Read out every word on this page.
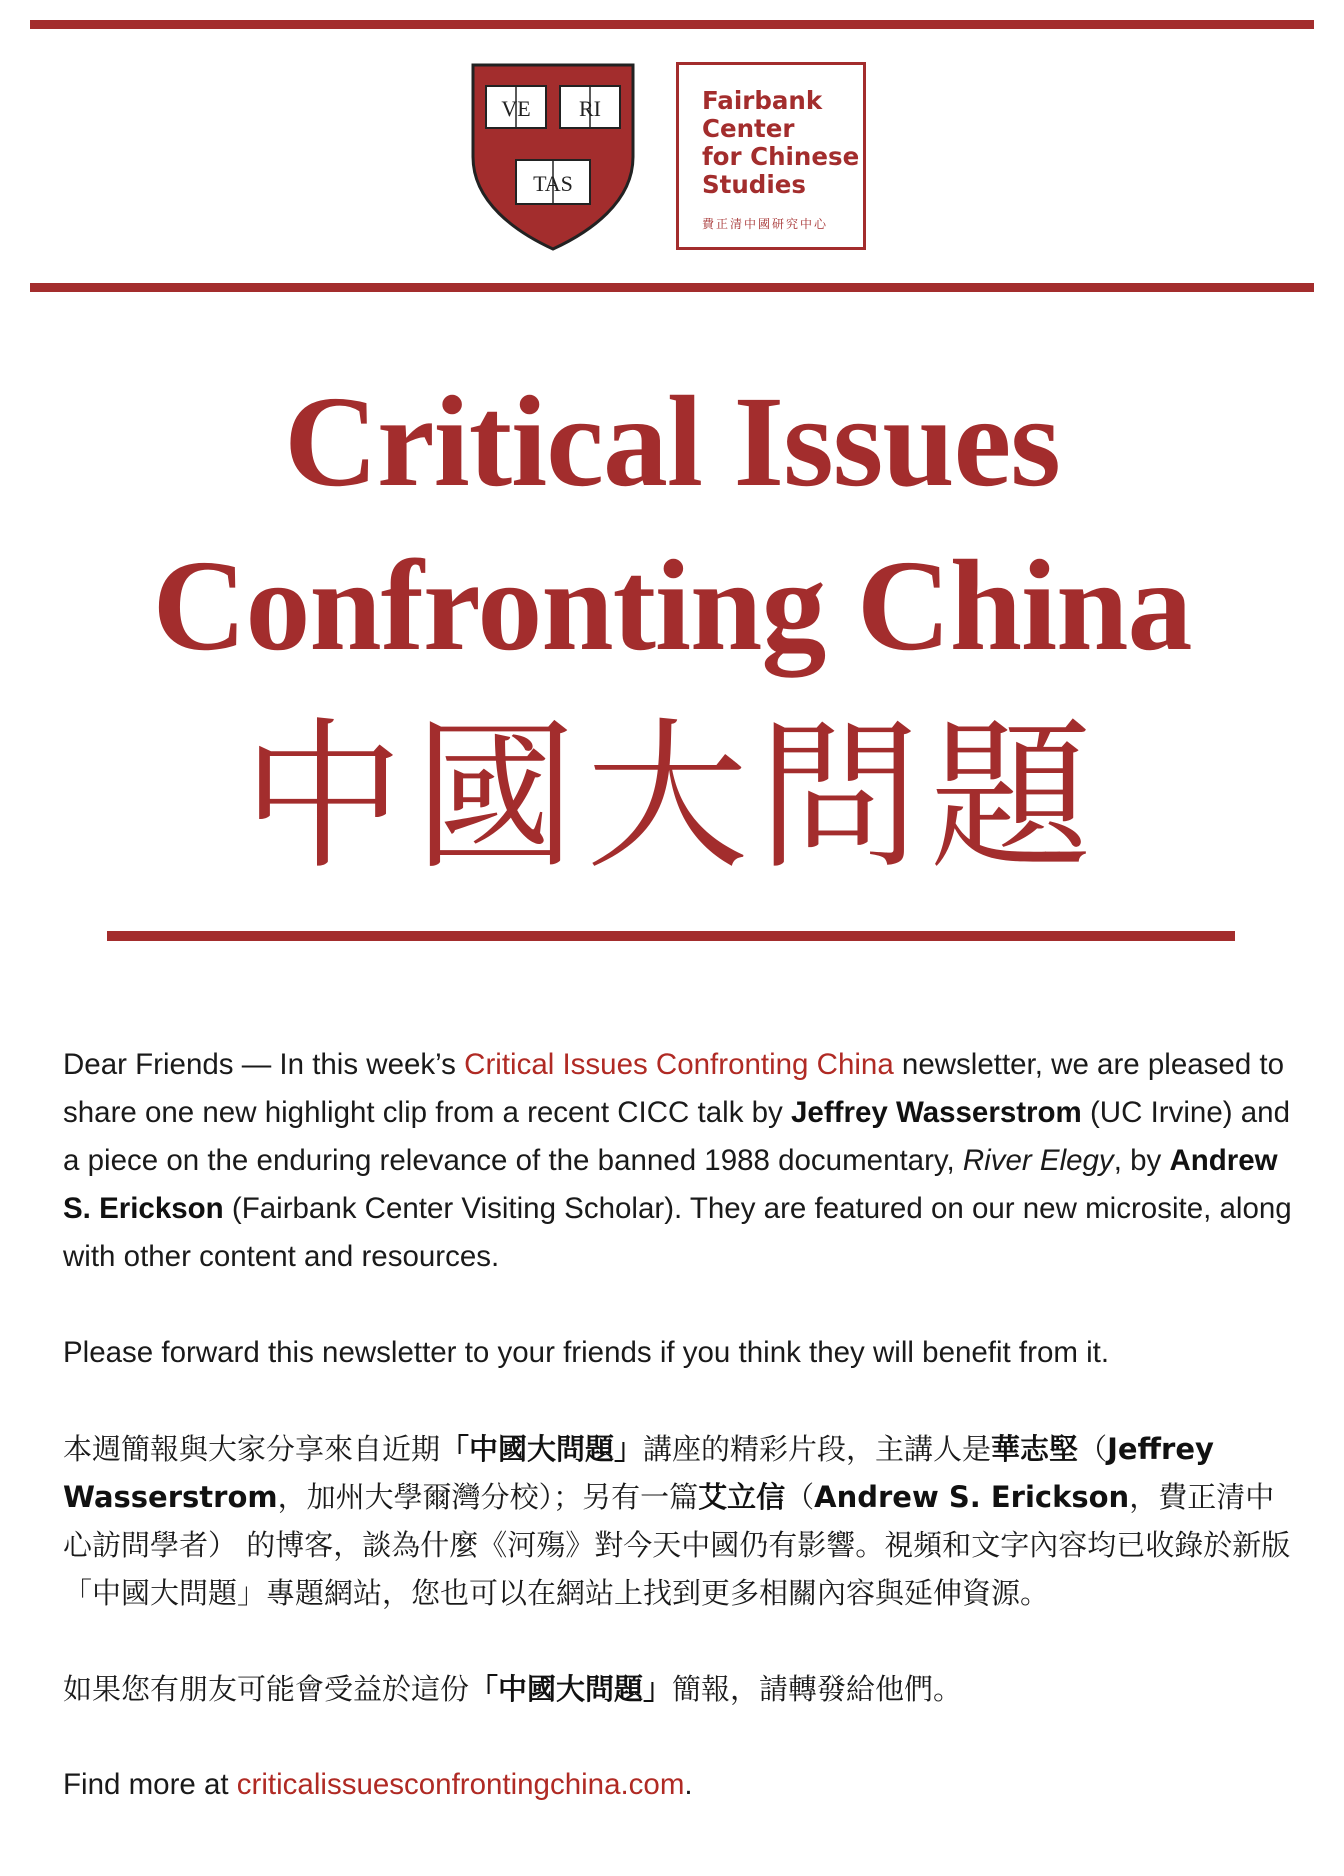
VE RI
TAS
Fairbank
Center
for Chinese
Studies
費正清中國研究中心
Critical Issues Confronting China
中國大問題

Dear Friends — In this week’s Critical Issues Confronting China newsletter, we are pleased to share one new highlight clip from a recent CICC talk by Jeffrey Wasserstrom (UC Irvine) and a piece on the enduring relevance of the banned 1988 documentary, River Elegy, by Andrew S. Erickson (Fairbank Center Visiting Scholar). They are featured on our new microsite, along with other content and resources.

Please forward this newsletter to your friends if you think they will benefit from it.

本週簡報與大家分享來自近期「中國大問題」講座的精彩片段，主講人是華志堅（Jeffrey Wasserstrom，加州大學爾灣分校）；另有一篇艾立信（Andrew S. Erickson，費正清中心訪問學者） 的博客，談為什麼《河殤》對今天中國仍有影響。視頻和文字內容均已收錄於新版「中國大問題」專題網站，您也可以在網站上找到更多相關內容與延伸資源。

如果您有朋友可能會受益於這份「中國大問題」簡報，請轉發給他們。

Find more at criticalissuesconfrontingchina.com.
